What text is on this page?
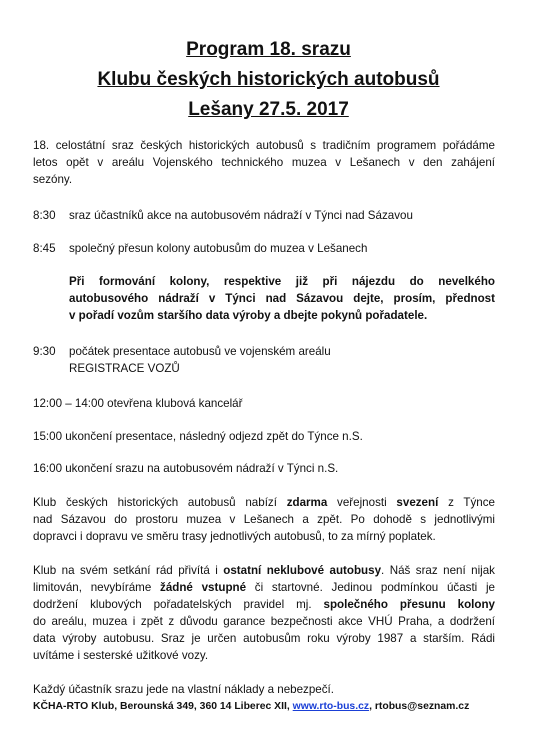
Program 18. srazu
Klubu českých historických autobusů
Lešany 27.5. 2017
18. celostátní sraz českých historických autobusů s tradičním programem pořádáme
letos opět v areálu Vojenského technického muzea v Lešanech v den zahájení
sezóny.
8:30 sraz účastníků akce na autobusovém nádraží v Týnci nad Sázavou
8:45 společný přesun kolony autobusům do muzea v Lešanech
Při formování kolony, respektive již při nájezdu do nevelkého
autobusového nádraží v Týnci nad Sázavou dejte, prosím, přednost
v pořadí vozům staršího data výroby a dbejte pokynů pořadatele.
9:30 počátek presentace autobusů ve vojenském areálu
REGISTRACE VOZŮ
12:00 – 14:00 otevřena klubová kancelář
15:00 ukončení presentace, následný odjezd zpět do Týnce n.S.
16:00 ukončení srazu na autobusovém nádraží v Týnci n.S.
Klub českých historických autobusů nabízí zdarma veřejnosti svezení z Týnce
nad Sázavou do prostoru muzea v Lešanech a zpět. Po dohodě s jednotlivými
dopravci i dopravu ve směru trasy jednotlivých autobusů, to za mírný poplatek.
Klub na svém setkání rád přivítá i ostatní neklubové autobusy. Náš sraz není nijak
limitován, nevybíráme žádné vstupné či startovné. Jedinou podmínkou účasti je
dodržení klubových pořadatelských pravidel mj. společného přesunu kolony
do areálu, muzea i zpět z důvodu garance bezpečnosti akce VHÚ Praha, a dodržení
data výroby autobusu. Sraz je určen autobusům roku výroby 1987 a starším. Rádi
uvítáme i sesterské užitkové vozy.
Každý účastník srazu jede na vlastní náklady a nebezpečí.
KČHA-RTO Klub, Berounská 349, 360 14 Liberec XII, www.rto-bus.cz, rtobus@seznam.cz
